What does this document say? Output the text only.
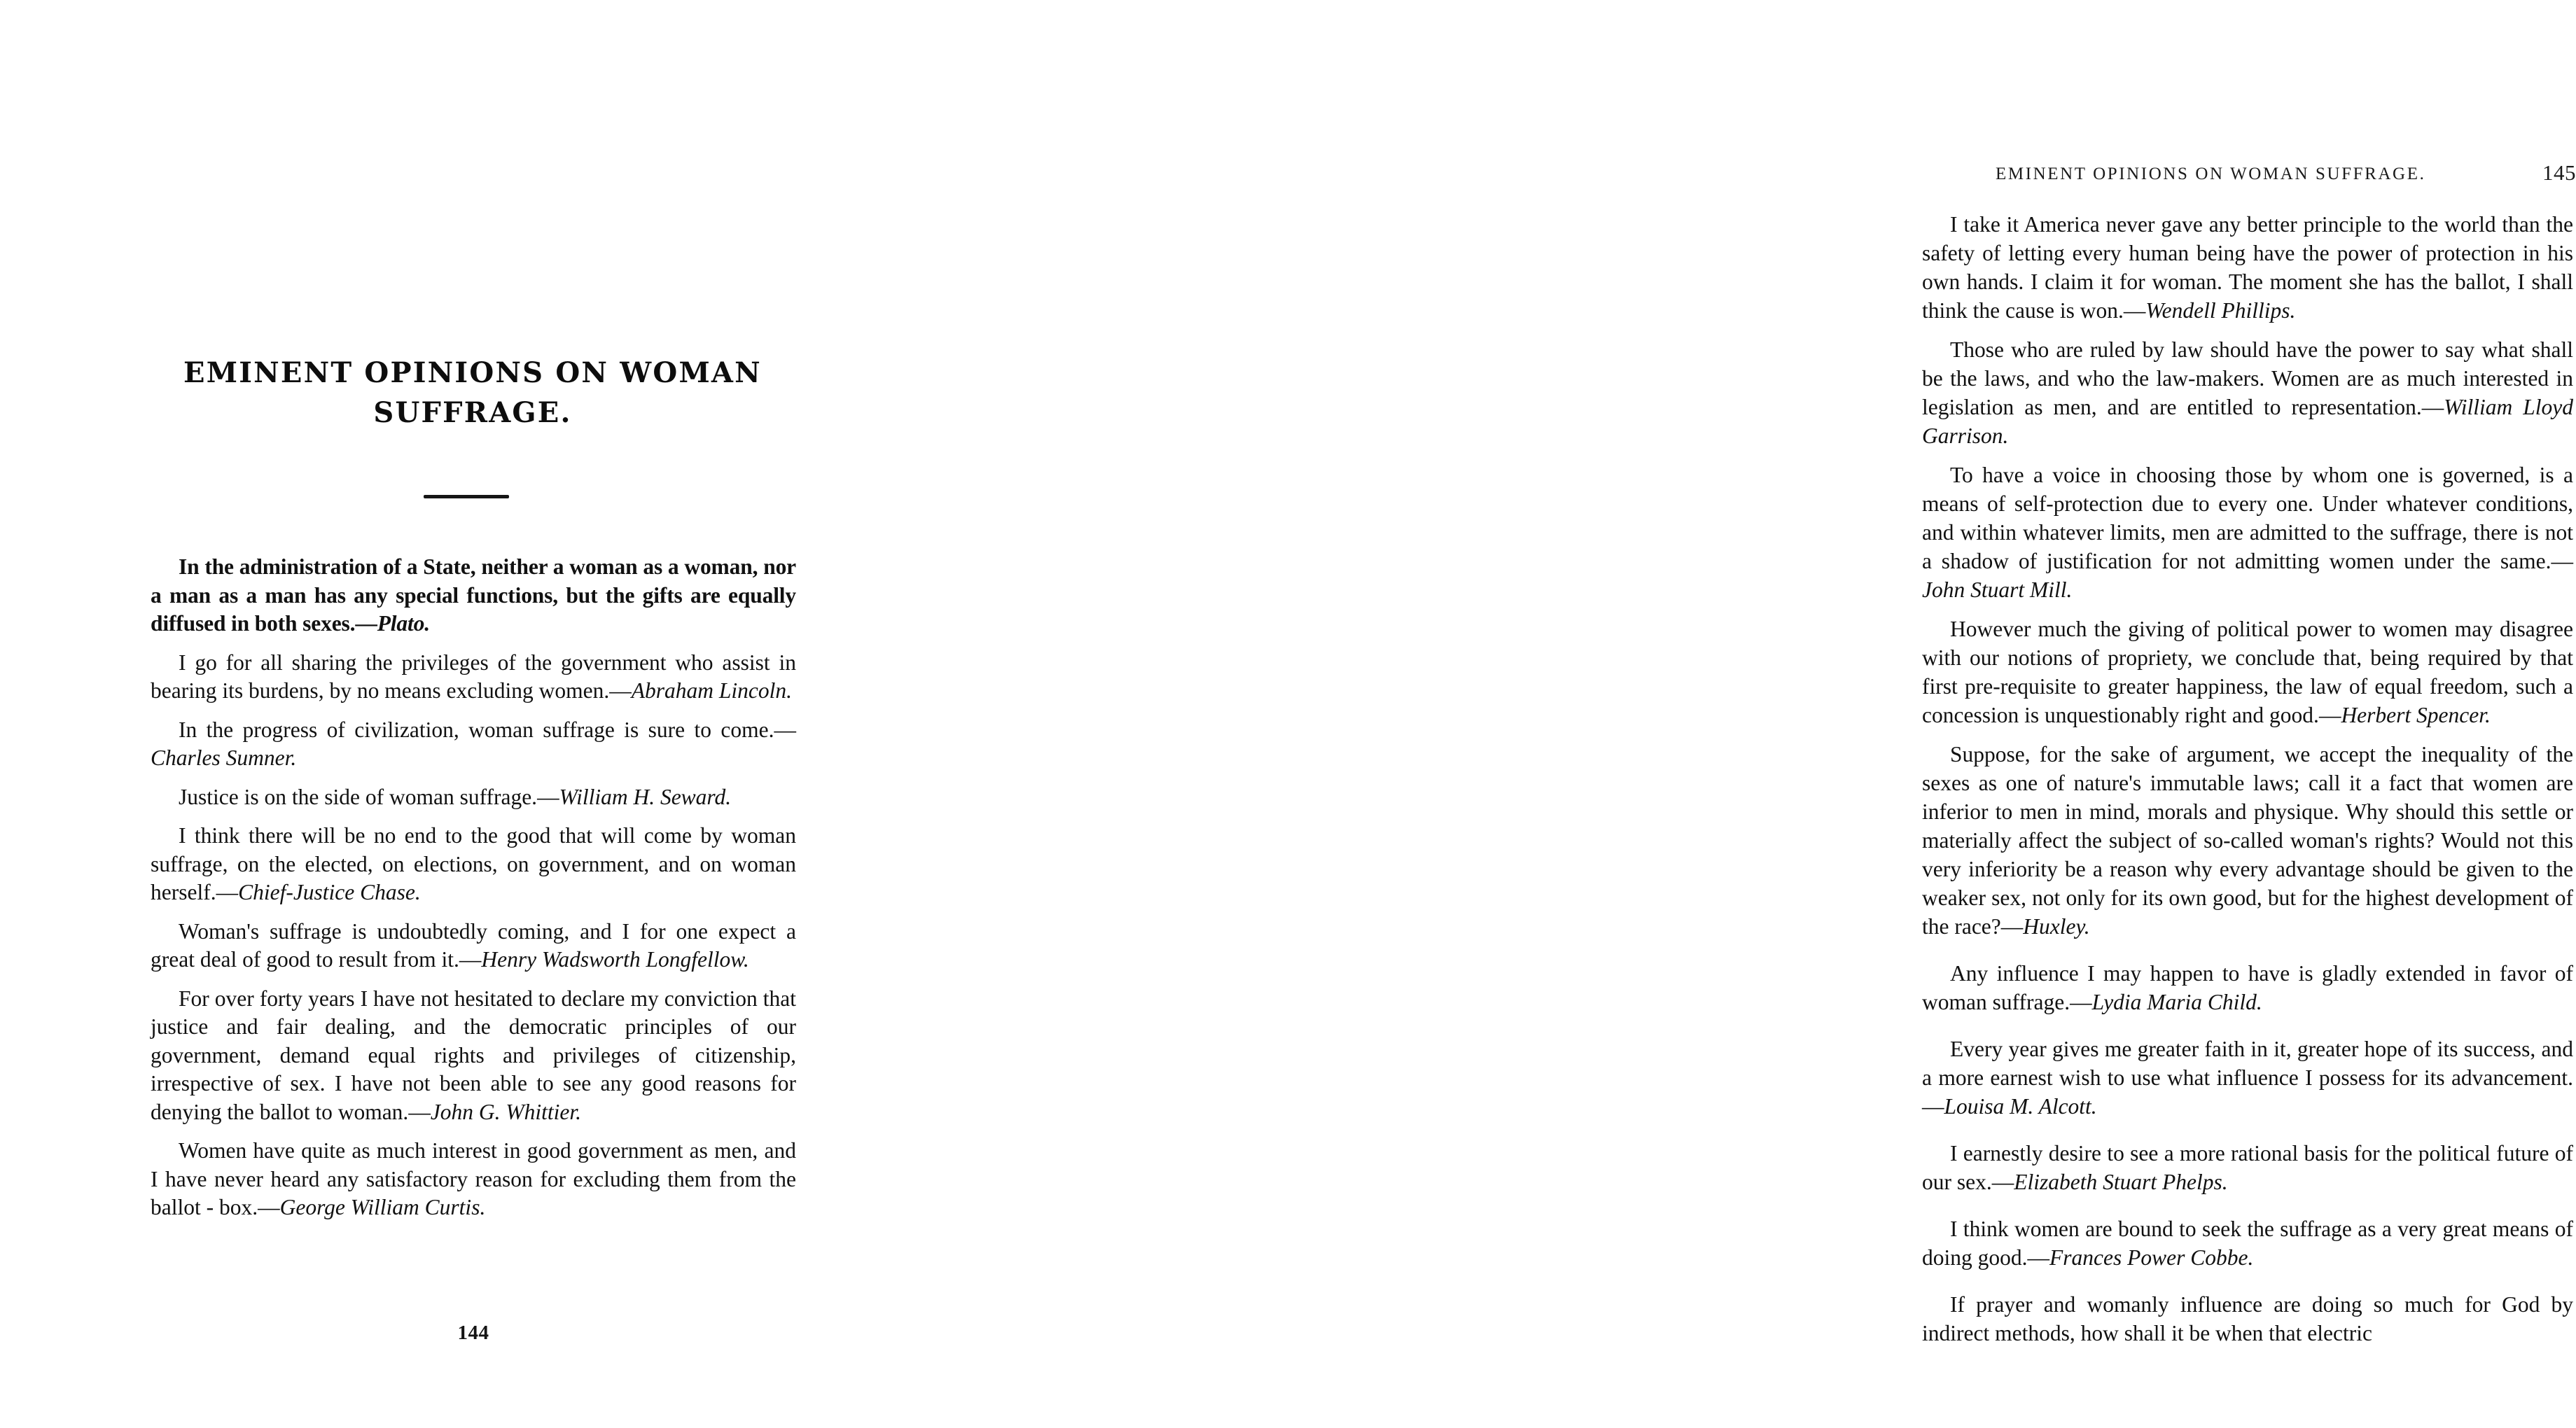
EMINENT OPINIONS ON WOMAN
SUFFRAGE.

In the administration of a State, neither a woman as a woman, nor a man as a man has any special functions, but the gifts are equally diffused in both sexes.—Plato.

I go for all sharing the privileges of the government who assist in bearing its burdens, by no means excluding women.—Abraham Lincoln.

In the progress of civilization, woman suffrage is sure to come.—Charles Sumner.

Justice is on the side of woman suffrage.—William H. Seward.

I think there will be no end to the good that will come by woman suffrage, on the elected, on elections, on government, and on woman herself.—Chief-Justice Chase.

Woman's suffrage is undoubtedly coming, and I for one expect a great deal of good to result from it.—Henry Wadsworth Longfellow.

For over forty years I have not hesitated to declare my conviction that justice and fair dealing, and the democratic principles of our government, demand equal rights and privileges of citizenship, irrespective of sex. I have not been able to see any good reasons for denying the ballot to woman.—John G. Whittier.

Women have quite as much interest in good government as men, and I have never heard any satisfactory reason for excluding them from the ballot - box.—George William Curtis.

144
EMINENT OPINIONS ON WOMAN SUFFRAGE.	145

I take it America never gave any better principle to the world than the safety of letting every human being have the power of protection in his own hands. I claim it for woman. The moment she has the ballot, I shall think the cause is won.—Wendell Phillips.

Those who are ruled by law should have the power to say what shall be the laws, and who the law-makers. Women are as much interested in legislation as men, and are entitled to representation.—William Lloyd Garrison.

To have a voice in choosing those by whom one is governed, is a means of self-protection due to every one. Under whatever conditions, and within whatever limits, men are admitted to the suffrage, there is not a shadow of justification for not admitting women under the same.—John Stuart Mill.

However much the giving of political power to women may disagree with our notions of propriety, we conclude that, being required by that first pre-requisite to greater happiness, the law of equal freedom, such a concession is unquestionably right and good.—Herbert Spencer.

Suppose, for the sake of argument, we accept the inequality of the sexes as one of nature's immutable laws; call it a fact that women are inferior to men in mind, morals and physique. Why should this settle or materially affect the subject of so-called woman's rights? Would not this very inferiority be a reason why every advantage should be given to the weaker sex, not only for its own good, but for the highest development of the race?—Huxley.

Any influence I may happen to have is gladly extended in favor of woman suffrage.—Lydia Maria Child.

Every year gives me greater faith in it, greater hope of its success, and a more earnest wish to use what influence I possess for its advancement.—Louisa M. Alcott.

I earnestly desire to see a more rational basis for the political future of our sex.—Elizabeth Stuart Phelps.

I think women are bound to seek the suffrage as a very great means of doing good.—Frances Power Cobbe.

If prayer and womanly influence are doing so much for God by indirect methods, how shall it be when that electric
